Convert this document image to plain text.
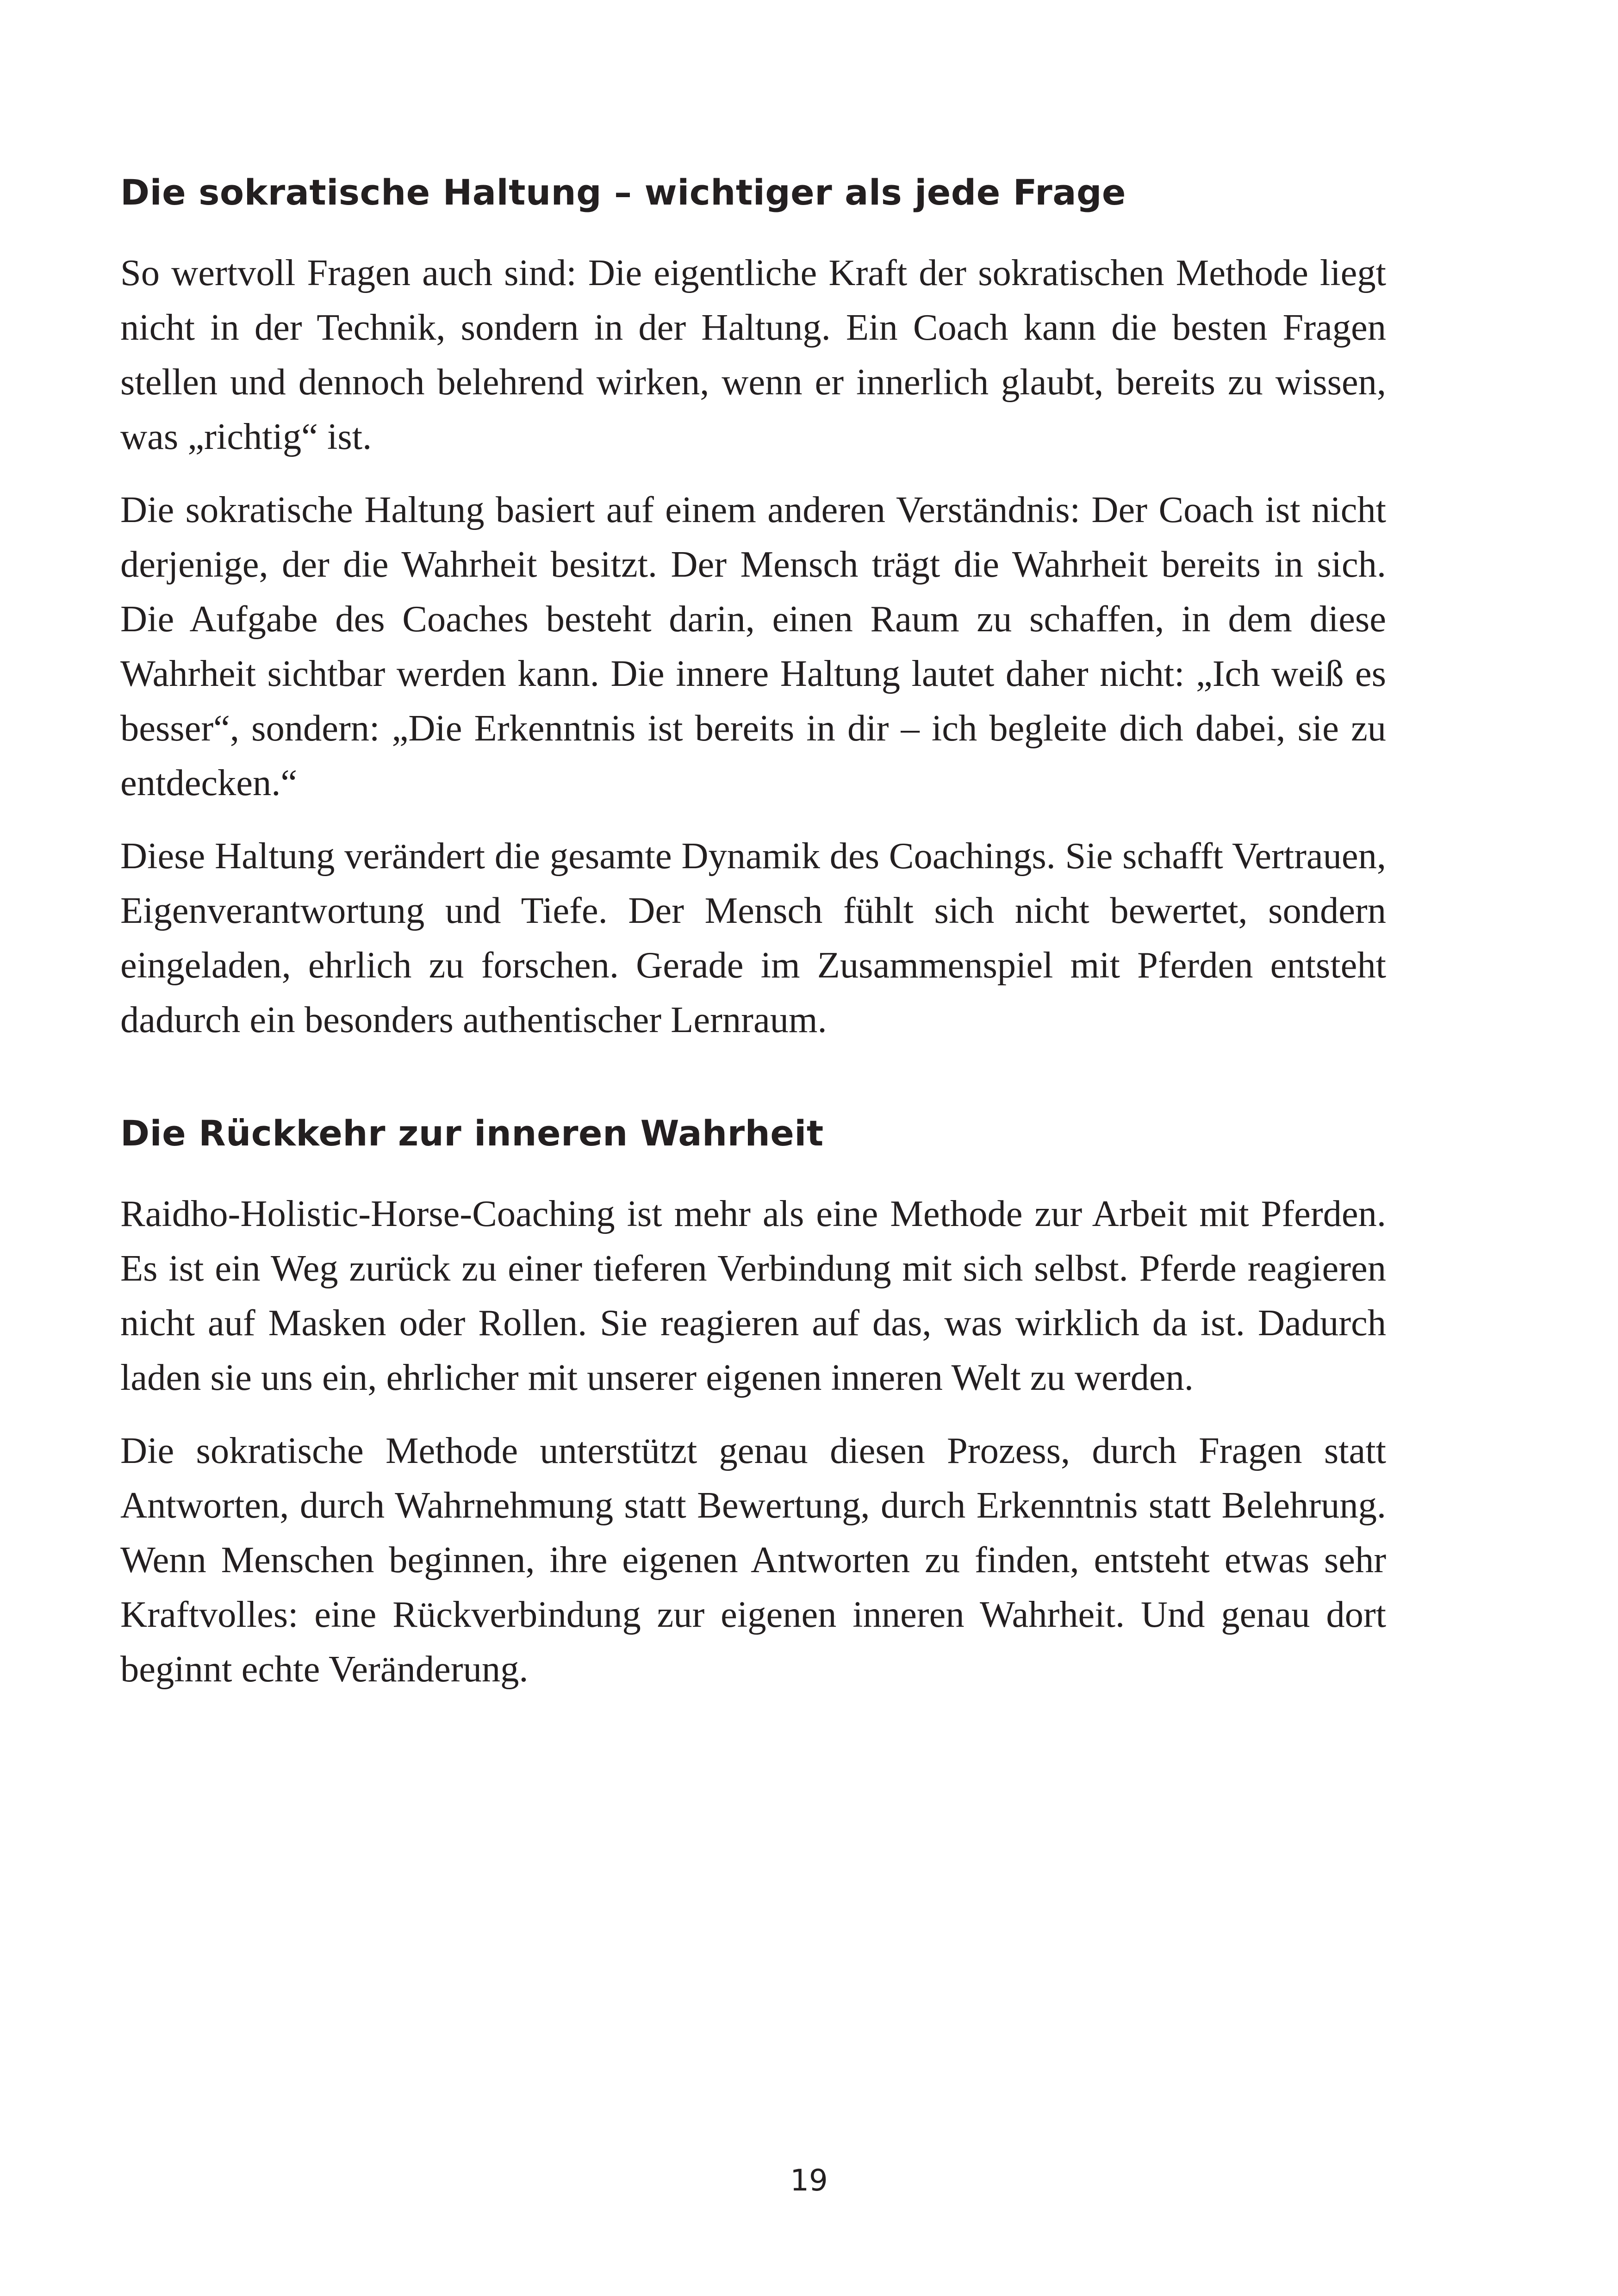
Die sokratische Haltung – wichtiger als jede Frage

So wertvoll Fragen auch sind: Die eigentliche Kraft der sokratischen Methode liegt nicht in der Technik, sondern in der Haltung. Ein Coach kann die besten Fragen stellen und dennoch belehrend wirken, wenn er innerlich glaubt, bereits zu wissen, was „richtig“ ist.

Die sokratische Haltung basiert auf einem anderen Verständnis: Der Coach ist nicht derjenige, der die Wahrheit besitzt. Der Mensch trägt die Wahrheit bereits in sich. Die Aufgabe des Coaches besteht darin, einen Raum zu schaffen, in dem diese Wahrheit sichtbar werden kann. Die innere Haltung lautet daher nicht: „Ich weiß es besser“, sondern: „Die Erkenntnis ist bereits in dir – ich begleite dich dabei, sie zu entdecken.“

Diese Haltung verändert die gesamte Dynamik des Coachings. Sie schafft Vertrauen, Eigenverantwortung und Tiefe. Der Mensch fühlt sich nicht bewertet, sondern eingeladen, ehrlich zu forschen. Gerade im Zusammenspiel mit Pferden entsteht dadurch ein besonders authentischer Lernraum.

Die Rückkehr zur inneren Wahrheit

Raidho-Holistic-Horse-Coaching ist mehr als eine Methode zur Arbeit mit Pferden. Es ist ein Weg zurück zu einer tieferen Verbindung mit sich selbst. Pferde reagieren nicht auf Masken oder Rollen. Sie reagieren auf das, was wirklich da ist. Dadurch laden sie uns ein, ehrlicher mit unserer eigenen inneren Welt zu werden.

Die sokratische Methode unterstützt genau diesen Prozess, durch Fragen statt Antworten, durch Wahrnehmung statt Bewertung, durch Erkenntnis statt Belehrung. Wenn Menschen beginnen, ihre eigenen Antworten zu finden, entsteht etwas sehr Kraftvolles: eine Rückverbindung zur eigenen inneren Wahrheit. Und genau dort beginnt echte Veränderung.

19
